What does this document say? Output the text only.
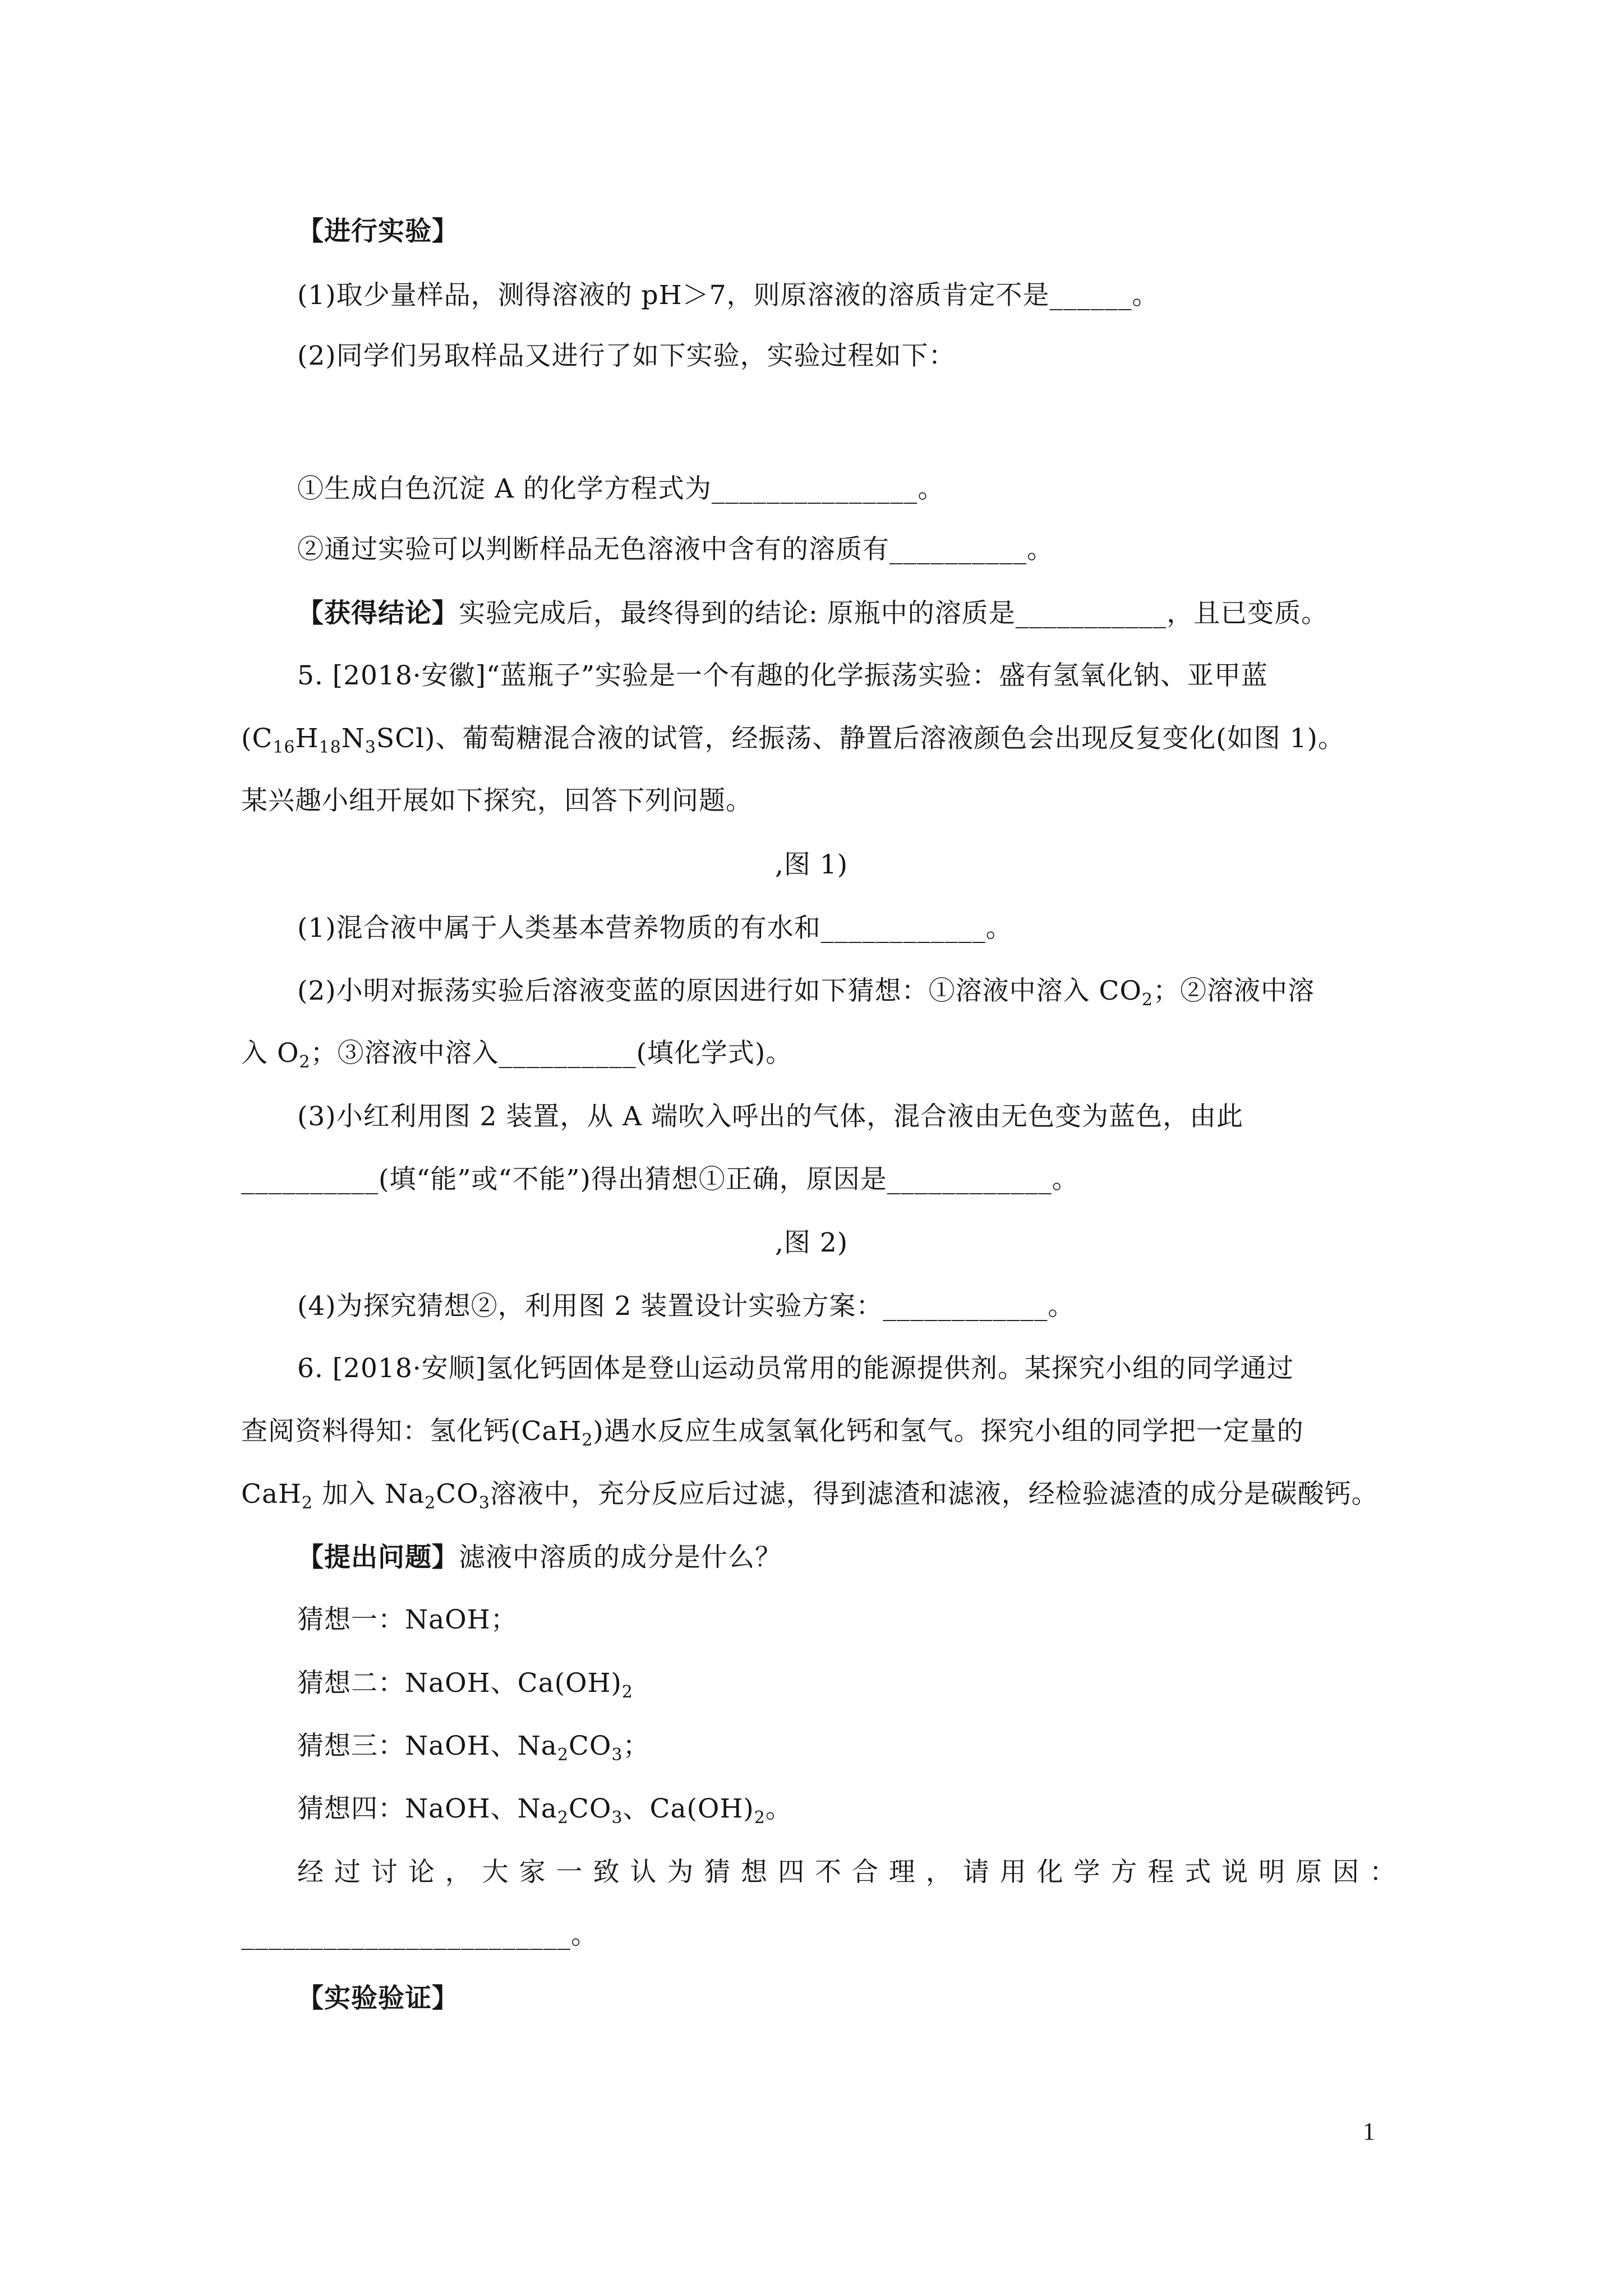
【进行实验】
(1)取少量样品，测得溶液的 pH＞7，则原溶液的溶质肯定不是______。
(2)同学们另取样品又进行了如下实验，实验过程如下：
①生成白色沉淀 A 的化学方程式为_______________。
②通过实验可以判断样品无色溶液中含有的溶质有__________。
【获得结论】实验完成后，最终得到的结论: 原瓶中的溶质是___________，且已变质。
5. [2018·安徽]“蓝瓶子”实验是一个有趣的化学振荡实验：盛有氢氧化钠、亚甲蓝
$(C_{16}H_{18}N_3SCl)$、葡萄糖混合液的试管，经振荡、静置后溶液颜色会出现反复变化(如图 1)。
某兴趣小组开展如下探究，回答下列问题。
,图 1)
(1)混合液中属于人类基本营养物质的有水和____________。
(2)小明对振荡实验后溶液变蓝的原因进行如下猜想：①溶液中溶入 $CO_2$；②溶液中溶
入 $O_2$；③溶液中溶入__________(填化学式)。
(3)小红利用图 2 装置，从 A 端吹入呼出的气体，混合液由无色变为蓝色，由此
__________(填“能”或“不能”)得出猜想①正确，原因是____________。
,图 2)
(4)为探究猜想②，利用图 2 装置设计实验方案：____________。
6. [2018·安顺]氢化钙固体是登山运动员常用的能源提供剂。某探究小组的同学通过
查阅资料得知：氢化钙(CaH$_2$)遇水反应生成氢氧化钙和氢气。探究小组的同学把一定量的
CaH$_2$ 加入 $Na_2CO_3$溶液中，充分反应后过滤，得到滤渣和滤液，经检验滤渣的成分是碳酸钙。
【提出问题】滤液中溶质的成分是什么？
猜想一：NaOH；
猜想二：NaOH、$Ca(OH)_2$
猜想三：NaOH、$Na_2CO_3$；
猜想四：NaOH、$Na_2CO_3$、$Ca(OH)_2$。
经过讨论，大家一致认为猜想四不合理，请用化学方程式说明原因：
________________________。
【实验验证】
1
